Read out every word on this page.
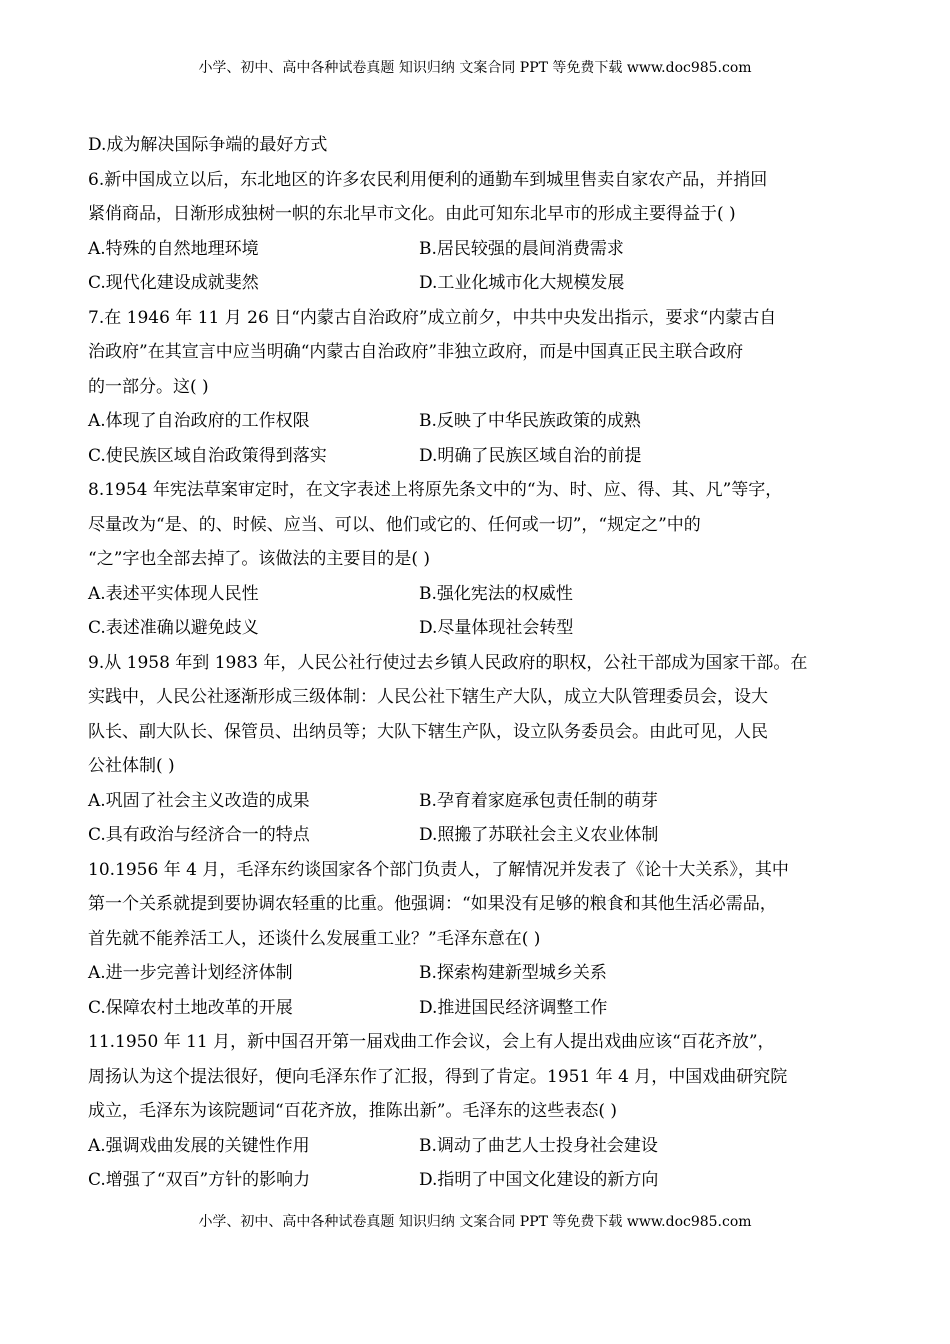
小学、初中、高中各种试卷真题 知识归纳 文案合同 PPT 等免费下载 www.doc985.com
D.成为解决国际争端的最好方式
6.新中国成立以后，东北地区的许多农民利用便利的通勤车到城里售卖自家农产品，并捎回
紧俏商品，日渐形成独树一帜的东北早市文化。由此可知东北早市的形成主要得益于( )
A.特殊的自然地理环境	B.居民较强的晨间消费需求
C.现代化建设成就斐然	D.工业化城市化大规模发展
7.在 1946 年 11 月 26 日“内蒙古自治政府”成立前夕，中共中央发出指示，要求“内蒙古自
治政府”在其宣言中应当明确“内蒙古自治政府”非独立政府，而是中国真正民主联合政府
的一部分。这( )
A.体现了自治政府的工作权限	B.反映了中华民族政策的成熟
C.使民族区域自治政策得到落实	D.明确了民族区域自治的前提
8.1954 年宪法草案审定时，在文字表述上将原先条文中的“为、时、应、得、其、凡”等字，
尽量改为“是、的、时候、应当、可以、他们或它的、任何或一切”，“规定之”中的
“之”字也全部去掉了。该做法的主要目的是( )
A.表述平实体现人民性	B.强化宪法的权威性
C.表述准确以避免歧义	D.尽量体现社会转型
9.从 1958 年到 1983 年，人民公社行使过去乡镇人民政府的职权，公社干部成为国家干部。在
实践中，人民公社逐渐形成三级体制：人民公社下辖生产大队，成立大队管理委员会，设大
队长、副大队长、保管员、出纳员等；大队下辖生产队，设立队务委员会。由此可见，人民
公社体制( )
A.巩固了社会主义改造的成果	B.孕育着家庭承包责任制的萌芽
C.具有政治与经济合一的特点	D.照搬了苏联社会主义农业体制
10.1956 年 4 月，毛泽东约谈国家各个部门负责人，了解情况并发表了《论十大关系》，其中
第一个关系就提到要协调农轻重的比重。他强调：“如果没有足够的粮食和其他生活必需品，
首先就不能养活工人，还谈什么发展重工业？”毛泽东意在( )
A.进一步完善计划经济体制	B.探索构建新型城乡关系
C.保障农村土地改革的开展	D.推进国民经济调整工作
11.1950 年 11 月，新中国召开第一届戏曲工作会议，会上有人提出戏曲应该“百花齐放”，
周扬认为这个提法很好，便向毛泽东作了汇报，得到了肯定。1951 年 4 月，中国戏曲研究院
成立，毛泽东为该院题词“百花齐放，推陈出新”。毛泽东的这些表态( )
A.强调戏曲发展的关键性作用	B.调动了曲艺人士投身社会建设
C.增强了“双百”方针的影响力	D.指明了中国文化建设的新方向
小学、初中、高中各种试卷真题 知识归纳 文案合同 PPT 等免费下载 www.doc985.com
